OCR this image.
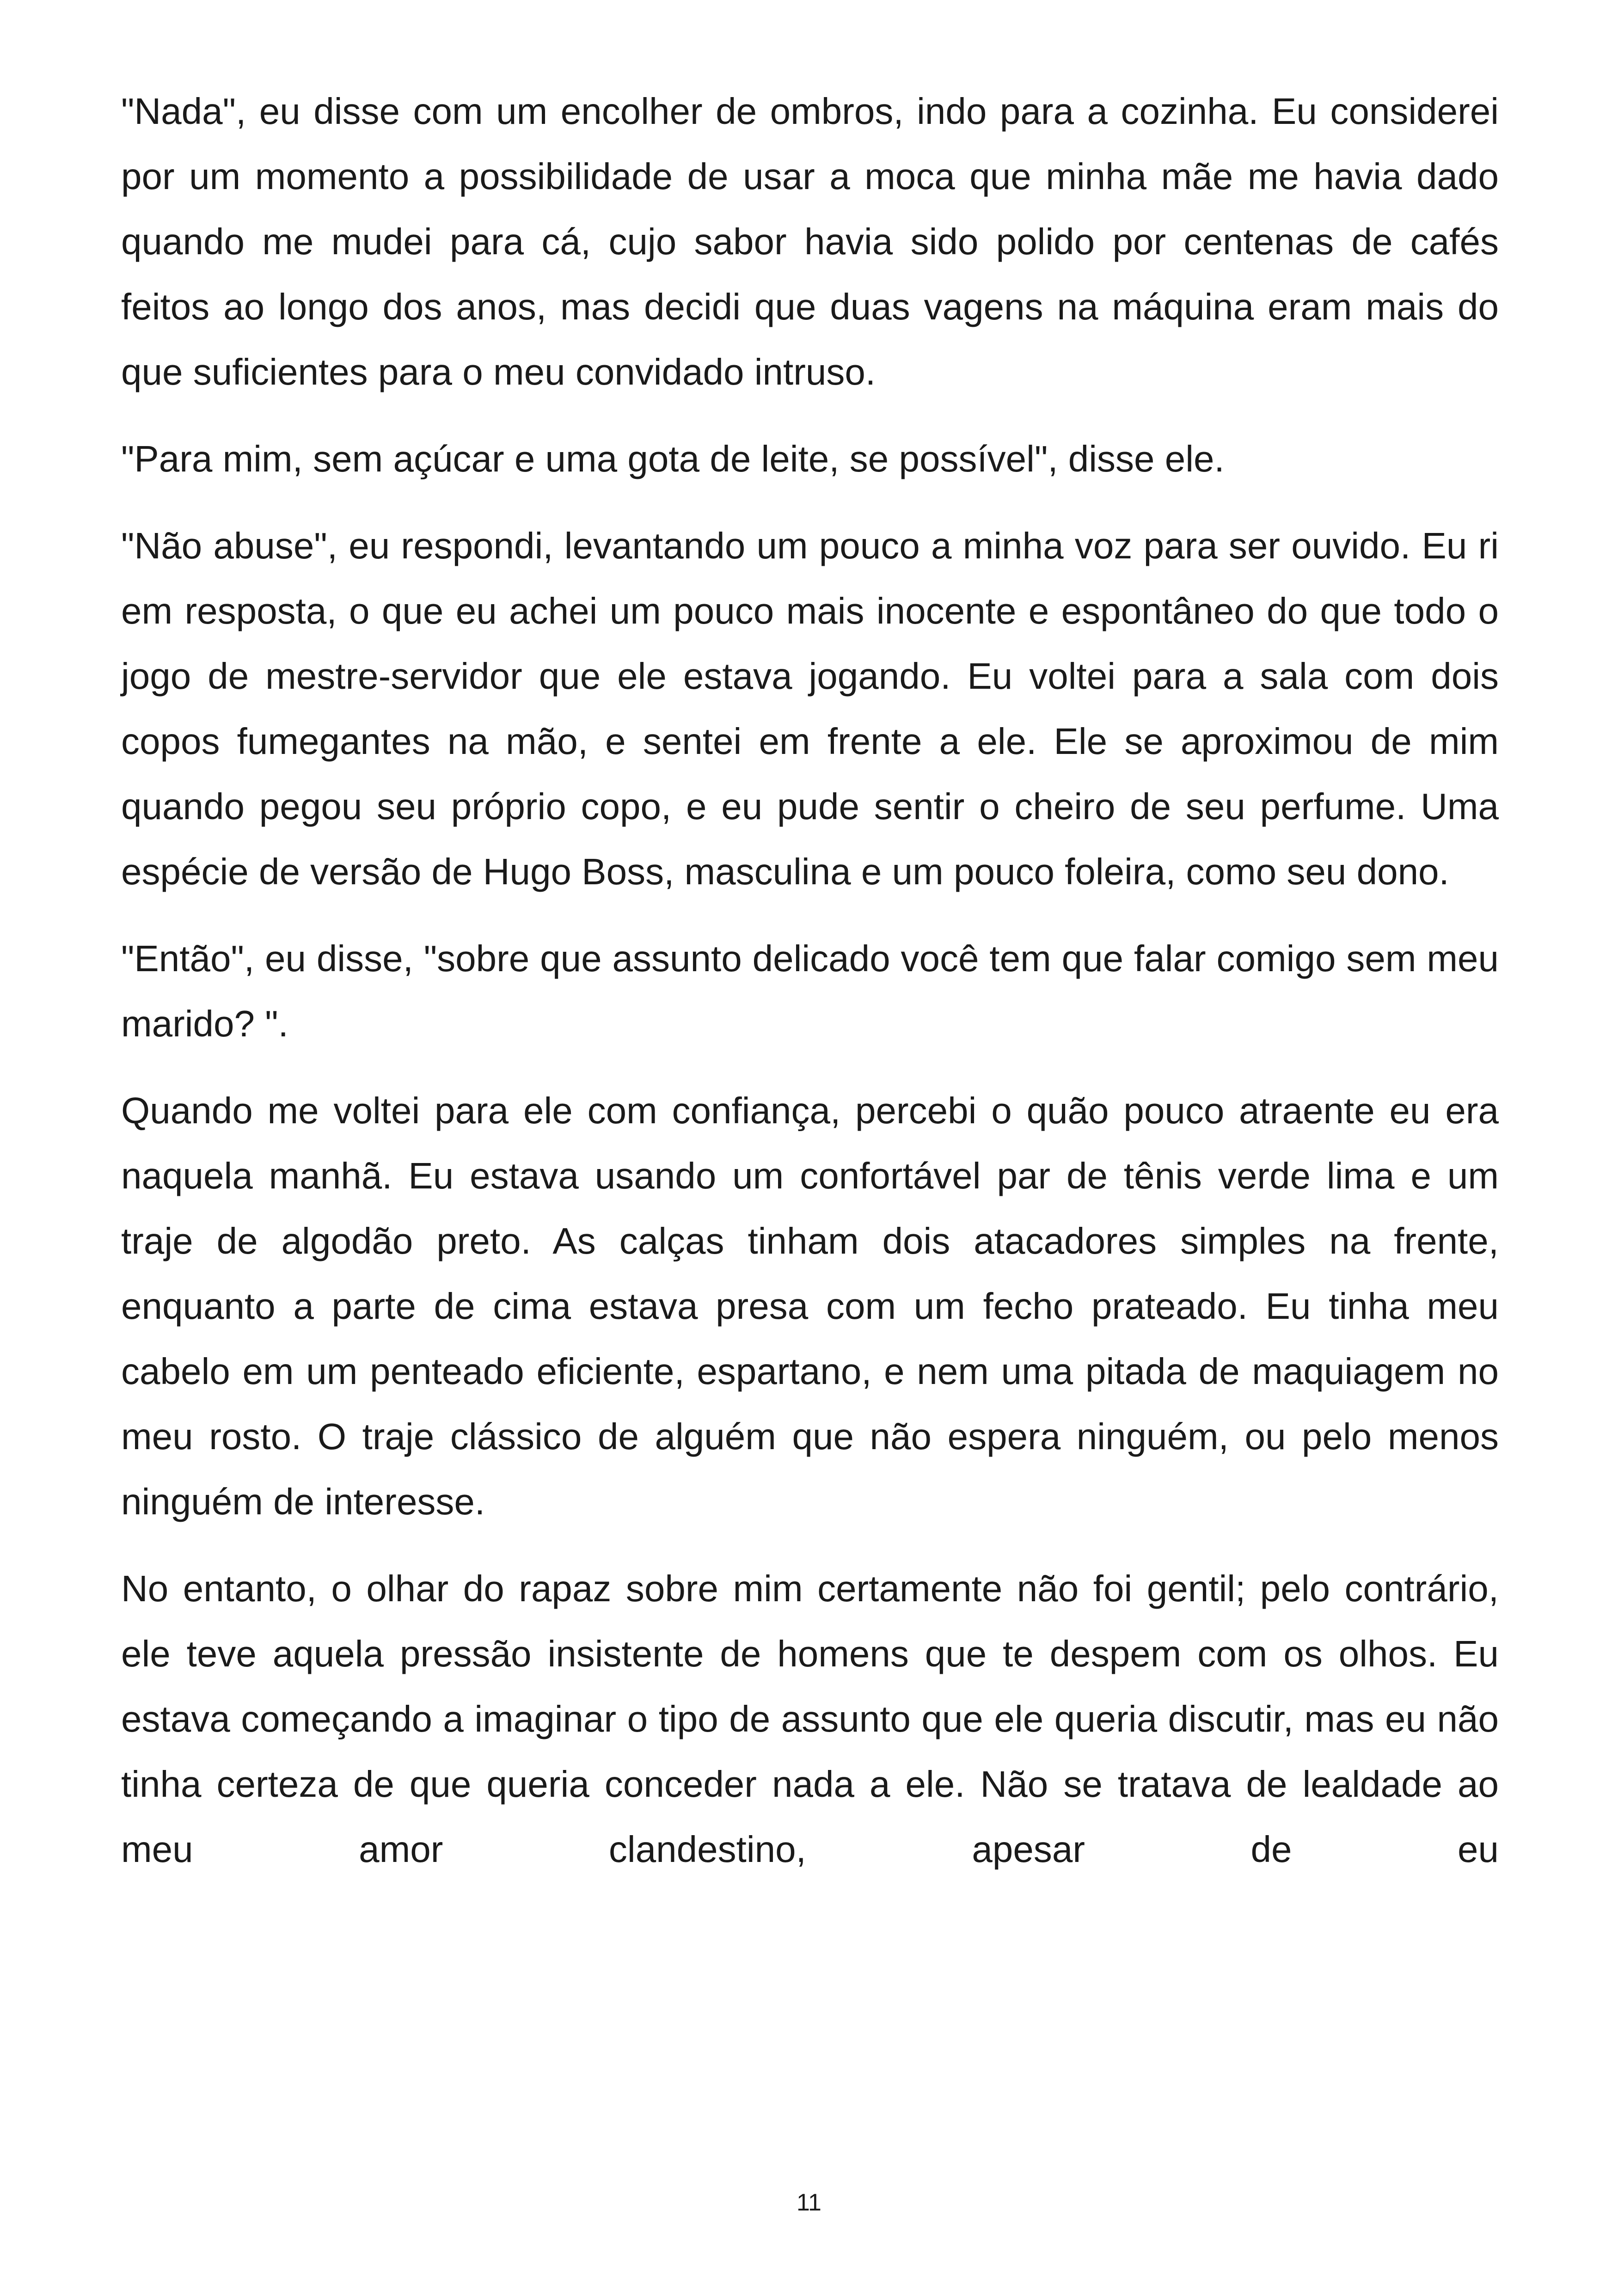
"Nada", eu disse com um encolher de ombros, indo para a cozinha. Eu considerei por um momento a possibilidade de usar a moca que minha mãe me havia dado quando me mudei para cá, cujo sabor havia sido polido por centenas de cafés feitos ao longo dos anos, mas decidi que duas vagens na máquina eram mais do que suficientes para o meu convidado intruso.

"Para mim, sem açúcar e uma gota de leite, se possível", disse ele.

"Não abuse", eu respondi, levantando um pouco a minha voz para ser ouvido. Eu ri em resposta, o que eu achei um pouco mais inocente e espontâneo do que todo o jogo de mestre-servidor que ele estava jogando. Eu voltei para a sala com dois copos fumegantes na mão, e sentei em frente a ele. Ele se aproximou de mim quando pegou seu próprio copo, e eu pude sentir o cheiro de seu perfume. Uma espécie de versão de Hugo Boss, masculina e um pouco foleira, como seu dono.

"Então", eu disse, "sobre que assunto delicado você tem que falar comigo sem meu marido? ".

Quando me voltei para ele com confiança, percebi o quão pouco atraente eu era naquela manhã. Eu estava usando um confortável par de tênis verde lima e um traje de algodão preto. As calças tinham dois atacadores simples na frente, enquanto a parte de cima estava presa com um fecho prateado. Eu tinha meu cabelo em um penteado eficiente, espartano, e nem uma pitada de maquiagem no meu rosto. O traje clássico de alguém que não espera ninguém, ou pelo menos ninguém de interesse.

No entanto, o olhar do rapaz sobre mim certamente não foi gentil; pelo contrário, ele teve aquela pressão insistente de homens que te despem com os olhos. Eu estava começando a imaginar o tipo de assunto que ele queria discutir, mas eu não tinha certeza de que queria conceder nada a ele. Não se tratava de lealdade ao meu amor clandestino, apesar de eu

11
